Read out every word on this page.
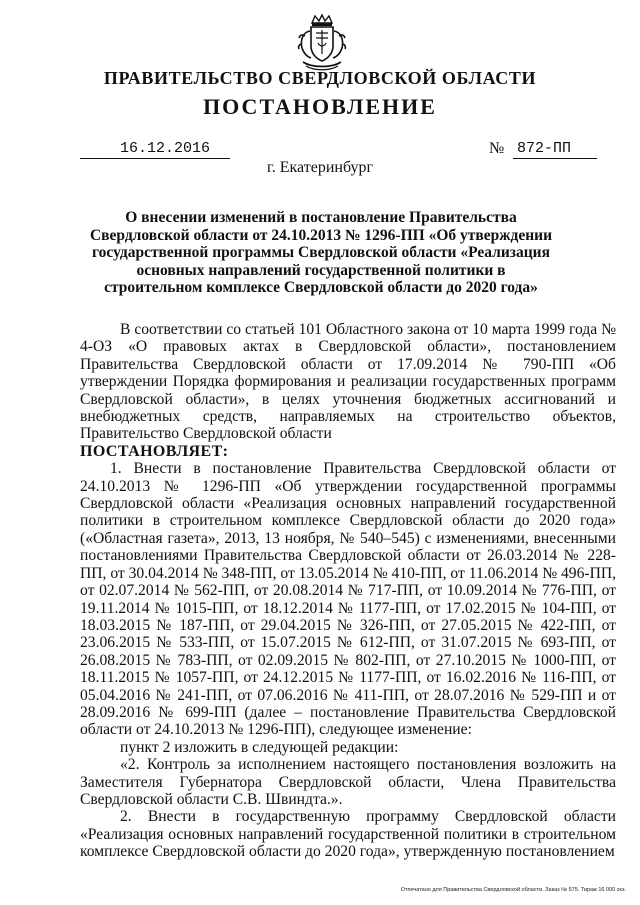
ПРАВИТЕЛЬСТВО СВЕРДЛОВСКОЙ ОБЛАСТИ
ПОСТАНОВЛЕНИЕ
16.12.2016	№ 872-ПП
г. Екатеринбург
О внесении изменений в постановление Правительства Свердловской области от 24.10.2013 № 1296-ПП «Об утверждении государственной программы Свердловской области «Реализация основных направлений государственной политики в строительном комплексе Свердловской области до 2020 года»

В соответствии со статьей 101 Областного закона от 10 марта 1999 года № 4-ОЗ «О правовых актах в Свердловской области», постановлением Правительства Свердловской области от 17.09.2014 № 790-ПП «Об утверждении Порядка формирования и реализации государственных программ Свердловской области», в целях уточнения бюджетных ассигнований и внебюджетных средств, направляемых на строительство объектов, Правительство Свердловской области

ПОСТАНОВЛЯЕТ:

1. Внести в постановление Правительства Свердловской области от 24.10.2013 № 1296-ПП «Об утверждении государственной программы Свердловской области «Реализация основных направлений государственной политики в строительном комплексе Свердловской области до 2020 года» («Областная газета», 2013, 13 ноября, № 540–545) с изменениями, внесенными постановлениями Правительства Свердловской области от 26.03.2014 № 228-ПП, от 30.04.2014 № 348-ПП, от 13.05.2014 № 410-ПП, от 11.06.2014 № 496-ПП, от 02.07.2014 № 562-ПП, от 20.08.2014 № 717-ПП, от 10.09.2014 № 776-ПП, от 19.11.2014 № 1015-ПП, от 18.12.2014 № 1177-ПП, от 17.02.2015 № 104-ПП, от 18.03.2015 № 187-ПП, от 29.04.2015 № 326-ПП, от 27.05.2015 № 422-ПП, от 23.06.2015 № 533-ПП, от 15.07.2015 № 612-ПП, от 31.07.2015 № 693-ПП, от 26.08.2015 № 783-ПП, от 02.09.2015 № 802-ПП, от 27.10.2015 № 1000-ПП, от 18.11.2015 № 1057-ПП, от 24.12.2015 № 1177-ПП, от 16.02.2016 № 116-ПП, от 05.04.2016 № 241-ПП, от 07.06.2016 № 411-ПП, от 28.07.2016 № 529-ПП и от 28.09.2016 № 699-ПП (далее – постановление Правительства Свердловской области от 24.10.2013 № 1296-ПП), следующее изменение:

пункт 2 изложить в следующей редакции:

«2. Контроль за исполнением настоящего постановления возложить на Заместителя Губернатора Свердловской области, Члена Правительства Свердловской области С.В. Швиндта.».

2. Внести в государственную программу Свердловской области «Реализация основных направлений государственной политики в строительном комплексе Свердловской области до 2020 года», утвержденную постановлением

Отпечатано для Правительства Свердловской области. Заказ № 575. Тираж 16 000 экз.
